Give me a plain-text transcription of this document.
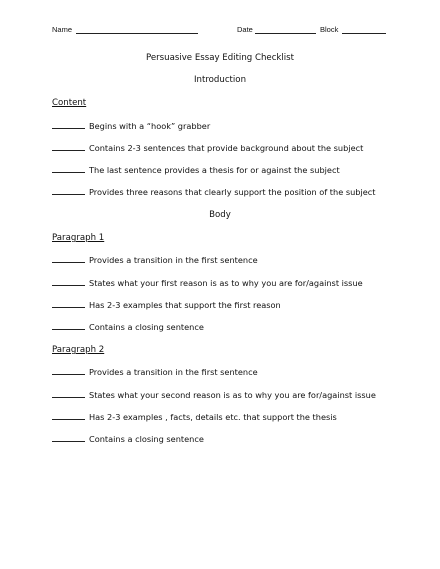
Name	Date	Block
Persuasive Essay Editing Checklist
Introduction
Content
Begins with a “hook” grabber
Contains 2-3 sentences that provide background about the subject
The last sentence provides a thesis for or against the subject
Provides three reasons that clearly support the position of the subject
Body
Paragraph 1
Provides a transition in the first sentence
States what your first reason is as to why you are for/against issue
Has 2-3 examples that support the first reason
Contains a closing sentence
Paragraph 2
Provides a transition in the first sentence
States what your second reason is as to why you are for/against issue
Has 2-3 examples , facts, details etc. that support the thesis
Contains a closing sentence
